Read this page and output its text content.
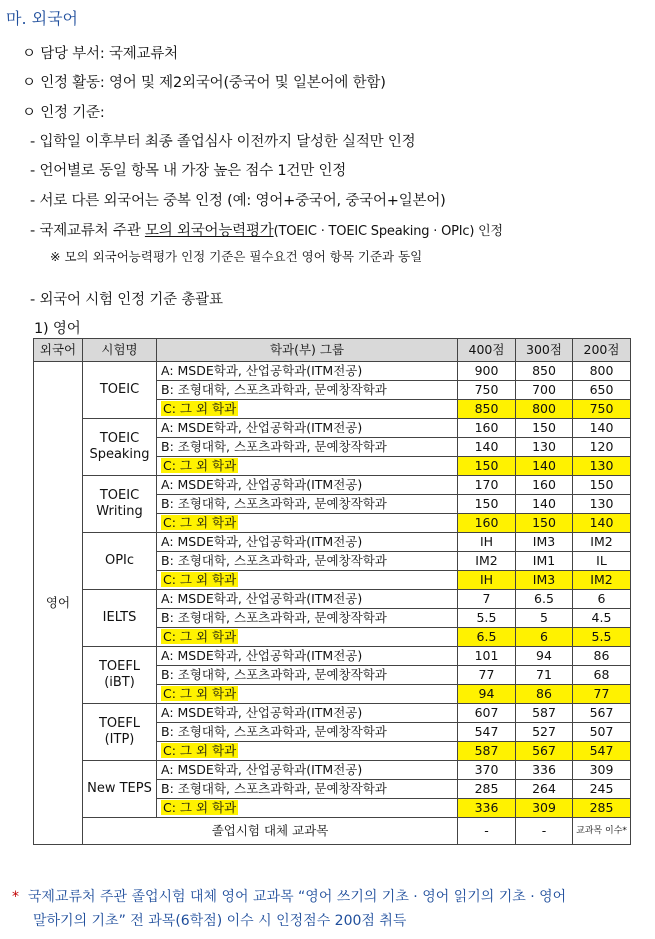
마. 외국어
ㅇ 담당 부서: 국제교류처
ㅇ 인정 활동: 영어 및 제2외국어(중국어 및 일본어에 한함)
ㅇ 인정 기준:
- 입학일 이후부터 최종 졸업심사 이전까지 달성한 실적만 인정
- 언어별로 동일 항목 내 가장 높은 점수 1건만 인정
- 서로 다른 외국어는 중복 인정 (예: 영어+중국어, 중국어+일본어)
- 국제교류처 주관 모의 외국어능력평가(TOEIC · TOEIC Speaking · OPIc) 인정
※ 모의 외국어능력평가 인정 기준은 필수요건 영어 항목 기준과 동일
- 외국어 시험 인정 기준 총괄표
1) 영어
외국어	시험명	학과(부) 그룹	400점	300점	200점
영어	TOEIC	A: MSDE학과, 산업공학과(ITM전공)	900	850	800
		B: 조형대학, 스포츠과학과, 문예창작학과	750	700	650
		C: 그 외 학과	850	800	750
	TOEIC Speaking	A: MSDE학과, 산업공학과(ITM전공)	160	150	140
		B: 조형대학, 스포츠과학과, 문예창작학과	140	130	120
		C: 그 외 학과	150	140	130
	TOEIC Writing	A: MSDE학과, 산업공학과(ITM전공)	170	160	150
		B: 조형대학, 스포츠과학과, 문예창작학과	150	140	130
		C: 그 외 학과	160	150	140
	OPIc	A: MSDE학과, 산업공학과(ITM전공)	IH	IM3	IM2
		B: 조형대학, 스포츠과학과, 문예창작학과	IM2	IM1	IL
		C: 그 외 학과	IH	IM3	IM2
	IELTS	A: MSDE학과, 산업공학과(ITM전공)	7	6.5	6
		B: 조형대학, 스포츠과학과, 문예창작학과	5.5	5	4.5
		C: 그 외 학과	6.5	6	5.5
	TOEFL (iBT)	A: MSDE학과, 산업공학과(ITM전공)	101	94	86
		B: 조형대학, 스포츠과학과, 문예창작학과	77	71	68
		C: 그 외 학과	94	86	77
	TOEFL (ITP)	A: MSDE학과, 산업공학과(ITM전공)	607	587	567
		B: 조형대학, 스포츠과학과, 문예창작학과	547	527	507
		C: 그 외 학과	587	567	547
	New TEPS	A: MSDE학과, 산업공학과(ITM전공)	370	336	309
		B: 조형대학, 스포츠과학과, 문예창작학과	285	264	245
		C: 그 외 학과	336	309	285
	졸업시험 대체 교과목		-	-	교과목 이수*
* 국제교류처 주관 졸업시험 대체 영어 교과목 “영어 쓰기의 기초 · 영어 읽기의 기초 · 영어
말하기의 기초” 전 과목(6학점) 이수 시 인정점수 200점 취득
